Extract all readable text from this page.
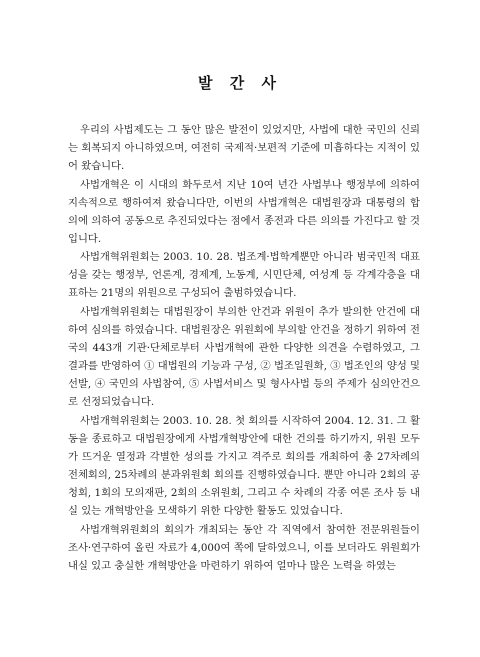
발 간 사

우리의 사법제도는 그 동안 많은 발전이 있었지만, 사법에 대한 국민의 신뢰는 회복되지 아니하였으며, 여전히 국제적·보편적 기준에 미흡하다는 지적이 있어 왔습니다.

사법개혁은 이 시대의 화두로서 지난 10여 년간 사법부나 행정부에 의하여 지속적으로 행하여져 왔습니다만, 이번의 사법개혁은 대법원장과 대통령의 합의에 의하여 공동으로 추진되었다는 점에서 종전과 다른 의의를 가진다고 할 것입니다.

사법개혁위원회는 2003. 10. 28. 법조계·법학계뿐만 아니라 범국민적 대표성을 갖는 행정부, 언론계, 경제계, 노동계, 시민단체, 여성계 등 각계각층을 대표하는 21명의 위원으로 구성되어 출범하였습니다.

사법개혁위원회는 대법원장이 부의한 안건과 위원이 추가 발의한 안건에 대하여 심의를 하였습니다. 대법원장은 위원회에 부의할 안건을 정하기 위하여 전국의 443개 기관·단체로부터 사법개혁에 관한 다양한 의견을 수렴하였고, 그 결과를 반영하여 ① 대법원의 기능과 구성, ② 법조일원화, ③ 법조인의 양성 및 선발, ④ 국민의 사법참여, ⑤ 사법서비스 및 형사사법 등의 주제가 심의안건으로 선정되었습니다.

사법개혁위원회는 2003. 10. 28. 첫 회의를 시작하여 2004. 12. 31. 그 활동을 종료하고 대법원장에게 사법개혁방안에 대한 건의를 하기까지, 위원 모두가 뜨거운 열정과 각별한 성의를 가지고 격주로 회의를 개최하여 총 27차례의 전체회의, 25차례의 분과위원회 회의를 진행하였습니다. 뿐만 아니라 2회의 공청회, 1회의 모의재판, 2회의 소위원회, 그리고 수 차례의 각종 여론 조사 등 내실 있는 개혁방안을 모색하기 위한 다양한 활동도 있었습니다.

사법개혁위원회의 회의가 개최되는 동안 각 직역에서 참여한 전문위원들이 조사·연구하여 올린 자료가 4,000여 쪽에 달하였으니, 이를 보더라도 위원회가 내실 있고 충실한 개혁방안을 마련하기 위하여 얼마나 많은 노력을 하였는
